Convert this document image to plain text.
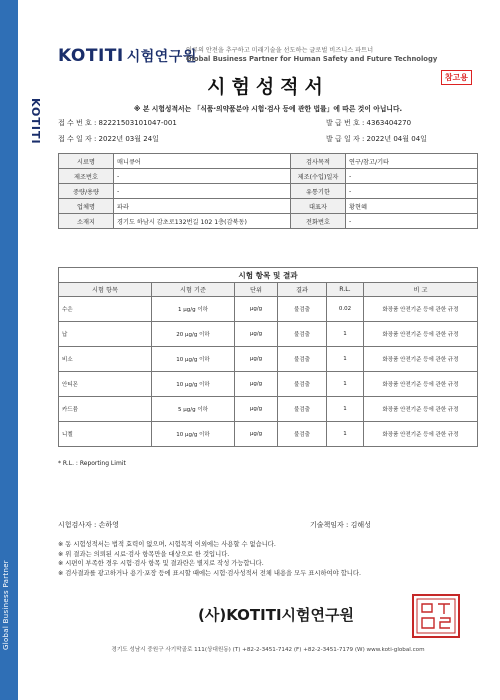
Global Business Partner
KOTITI
KOTITI 시험연구원
인류의 안전을 추구하고 미래기술을 선도하는 글로벌 비즈니스 파트너
Global Business Partner for Human Safety and Future Technology
시험성적서	참고용
※ 본 시험성적서는 「식품·의약품분야 시험·검사 등에 관한 법률」에 따른 것이 아닙니다.
접 수 번 호 : 82221503101047-001	발 급 번 호 : 4363404270
접 수 일 자 : 2022년 03월 24일	발 급 일 자 : 2022년 04월 04일
시료명	매니큐어	검사목적	연구/참고/기타
제조번호	-	제조(수입)일자	-
중량/용량	-	유통기한	-
업체명	파라	대표자	황현혜
소재지	경기도 하남시 감초로132번길 102 1층(감북동)	전화번호	-
시험 항목 및 결과					
시험 항목	시험 기준	단위	결과	R.L.	비 고
수은	1 μg/g 이하	μg/g	불검출	0.02	화장품 안전기준 등에 관한 규정
납	20 μg/g 이하	μg/g	불검출	1	화장품 안전기준 등에 관한 규정
비소	10 μg/g 이하	μg/g	불검출	1	화장품 안전기준 등에 관한 규정
안티몬	10 μg/g 이하	μg/g	불검출	1	화장품 안전기준 등에 관한 규정
카드뮴	5 μg/g 이하	μg/g	불검출	1	화장품 안전기준 등에 관한 규정
니켈	10 μg/g 이하	μg/g	불검출	1	화장품 안전기준 등에 관한 규정
* R.L. : Reporting Limit
시험검사자 : 손하영	기술책임자 : 김해성
※ 동 시험성적서는 법적 효력이 없으며, 시험목적 이외에는 사용할 수 없습니다.
※ 위 결과는 의뢰된 시료·검사 항목만을 대상으로 한 것입니다.
※ 시편이 부족한 경우 시험·검사 항목 및 결과란은 별지로 작성 가능합니다.
※ 검사결과를 광고하거나 용기·포장 등에 표시할 때에는 시험·검사성적서 전체 내용을 모두 표시하여야 합니다.
(사)KOTITI시험연구원
경기도 성남시 중원구 사기막골로 111(상대원동) (T) +82-2-3451-7142 (F) +82-2-3451-7179 (W) www.koti-global.com
